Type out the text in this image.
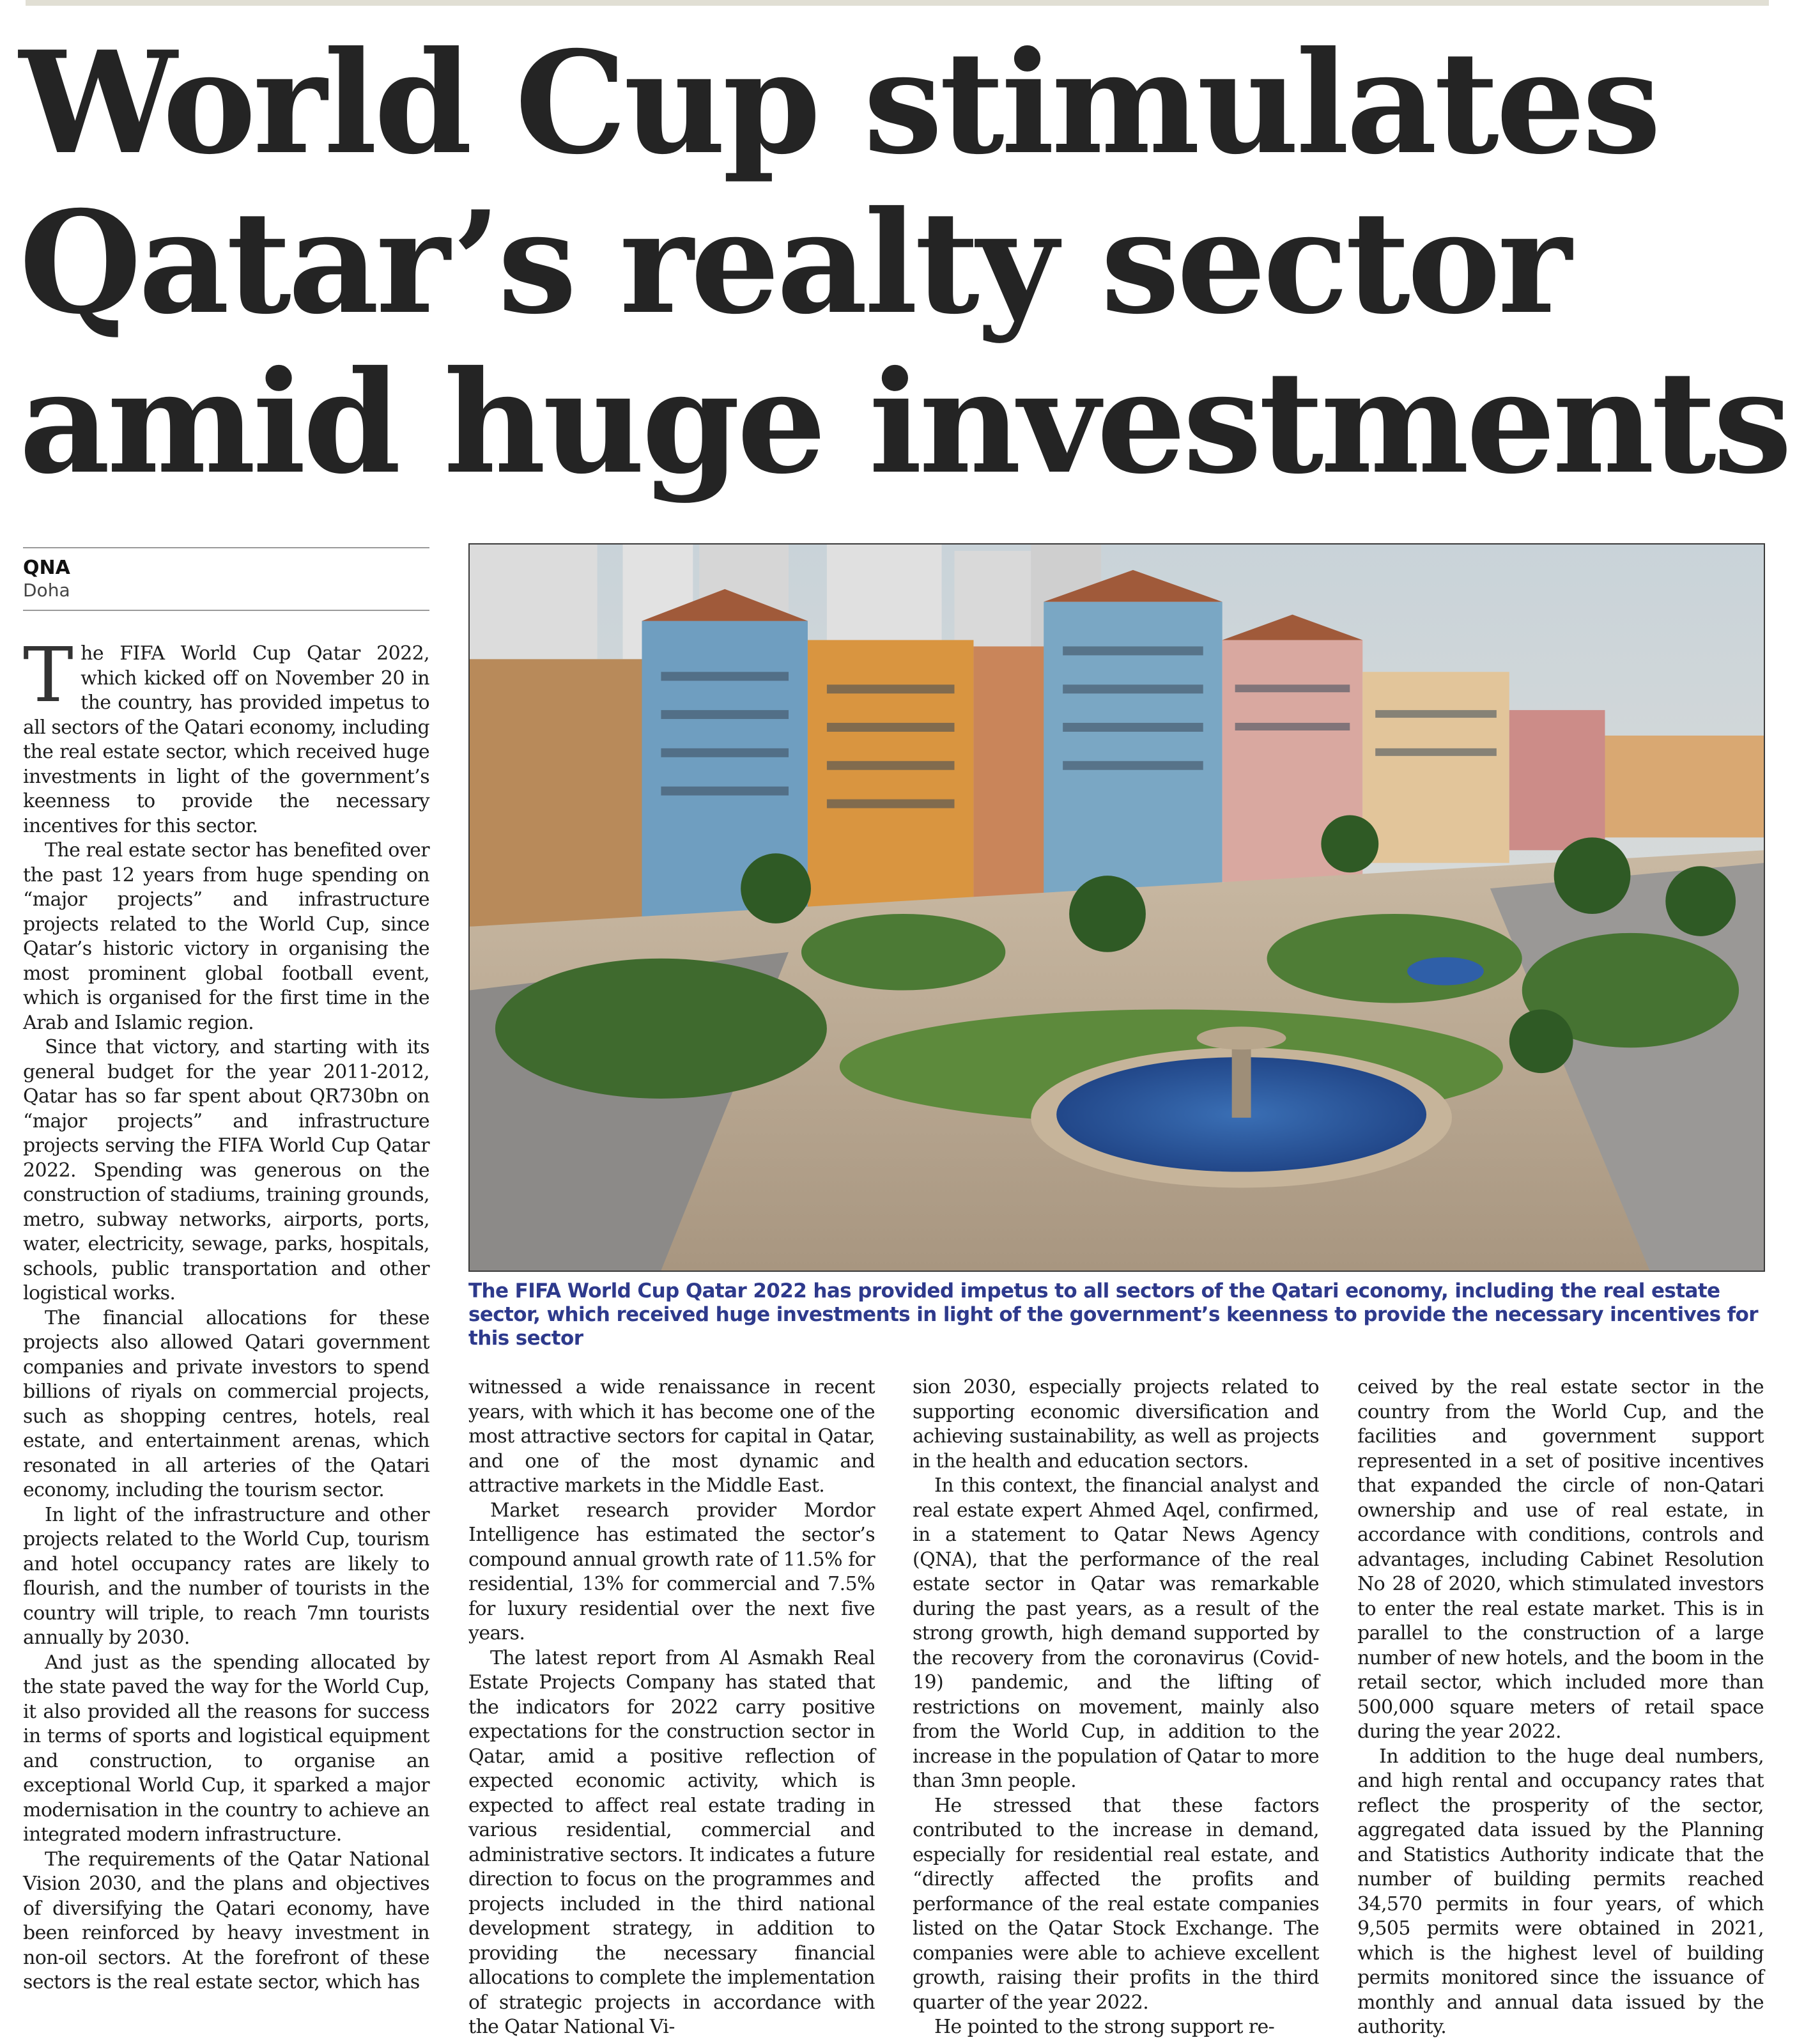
World Cup stimulates
Qatar’s realty sector
amid huge investments
QNA
Doha

The FIFA World Cup Qatar 2022, which kicked off on November 20 in the country, has provided impetus to all sectors of the Qatari economy, including the real estate sector, which received huge investments in light of the government’s keenness to provide the necessary incentives for this sector.

The real estate sector has benefited over the past 12 years from huge spending on “major projects” and infrastructure projects related to the World Cup, since Qatar’s historic victory in organising the most prominent global football event, which is organised for the first time in the Arab and Islamic region.

Since that victory, and starting with its general budget for the year 2011-2012, Qatar has so far spent about QR730bn on “major projects” and infrastructure projects serving the FIFA World Cup Qatar 2022. Spending was generous on the construction of stadiums, training grounds, metro, subway networks, airports, ports, water, electricity, sewage, parks, hospitals, schools, public transportation and other logistical works.

The financial allocations for these projects also allowed Qatari government companies and private investors to spend billions of riyals on commercial projects, such as shopping centres, hotels, real estate, and entertainment arenas, which resonated in all arteries of the Qatari economy, including the tourism sector.

In light of the infrastructure and other projects related to the World Cup, tourism and hotel occupancy rates are likely to flourish, and the number of tourists in the country will triple, to reach 7mn tourists annually by 2030.

And just as the spending allocated by the state paved the way for the World Cup, it also provided all the reasons for success in terms of sports and logistical equipment and construction, to organise an exceptional World Cup, it sparked a major modernisation in the country to achieve an integrated modern infrastructure.

The requirements of the Qatar National Vision 2030, and the plans and objectives of diversifying the Qatari economy, have been reinforced by heavy investment in non-oil sectors. At the forefront of these sectors is the real estate sector, which has

The FIFA World Cup Qatar 2022 has provided impetus to all sectors of the Qatari economy, including the real estate sector, which received huge investments in light of the government’s keenness to provide the necessary incentives for this sector

witnessed a wide renaissance in recent years, with which it has become one of the most attractive sectors for capital in Qatar, and one of the most dynamic and attractive markets in the Middle East.

Market research provider Mordor Intelligence has estimated the sector’s compound annual growth rate of 11.5% for residential, 13% for commercial and 7.5% for luxury residential over the next five years.

The latest report from Al Asmakh Real Estate Projects Company has stated that the indicators for 2022 carry positive expectations for the construction sector in Qatar, amid a positive reflection of expected economic activity, which is expected to affect real estate trading in various residential, commercial and administrative sectors. It indicates a future direction to focus on the programmes and projects included in the third national development strategy, in addition to providing the necessary financial allocations to complete the implementation of strategic projects in accordance with the Qatar National Vi-

sion 2030, especially projects related to supporting economic diversification and achieving sustainability, as well as projects in the health and education sectors.

In this context, the financial analyst and real estate expert Ahmed Aqel, confirmed, in a statement to Qatar News Agency (QNA), that the performance of the real estate sector in Qatar was remarkable during the past years, as a result of the strong growth, high demand supported by the recovery from the coronavirus (Covid-19) pandemic, and the lifting of restrictions on movement, mainly also from the World Cup, in addition to the increase in the population of Qatar to more than 3mn people.

He stressed that these factors contributed to the increase in demand, especially for residential real estate, and “directly affected the profits and performance of the real estate companies listed on the Qatar Stock Exchange. The companies were able to achieve excellent growth, raising their profits in the third quarter of the year 2022.

He pointed to the strong support re-

ceived by the real estate sector in the country from the World Cup, and the facilities and government support represented in a set of positive incentives that expanded the circle of non-Qatari ownership and use of real estate, in accordance with conditions, controls and advantages, including Cabinet Resolution No 28 of 2020, which stimulated investors to enter the real estate market. This is in parallel to the construction of a large number of new hotels, and the boom in the retail sector, which included more than 500,000 square meters of retail space during the year 2022.

In addition to the huge deal numbers, and high rental and occupancy rates that reflect the prosperity of the sector, aggregated data issued by the Planning and Statistics Authority indicate that the number of building permits reached 34,570 permits in four years, of which 9,505 permits were obtained in 2021, which is the highest level of building permits monitored since the issuance of monthly and annual data issued by the authority.
